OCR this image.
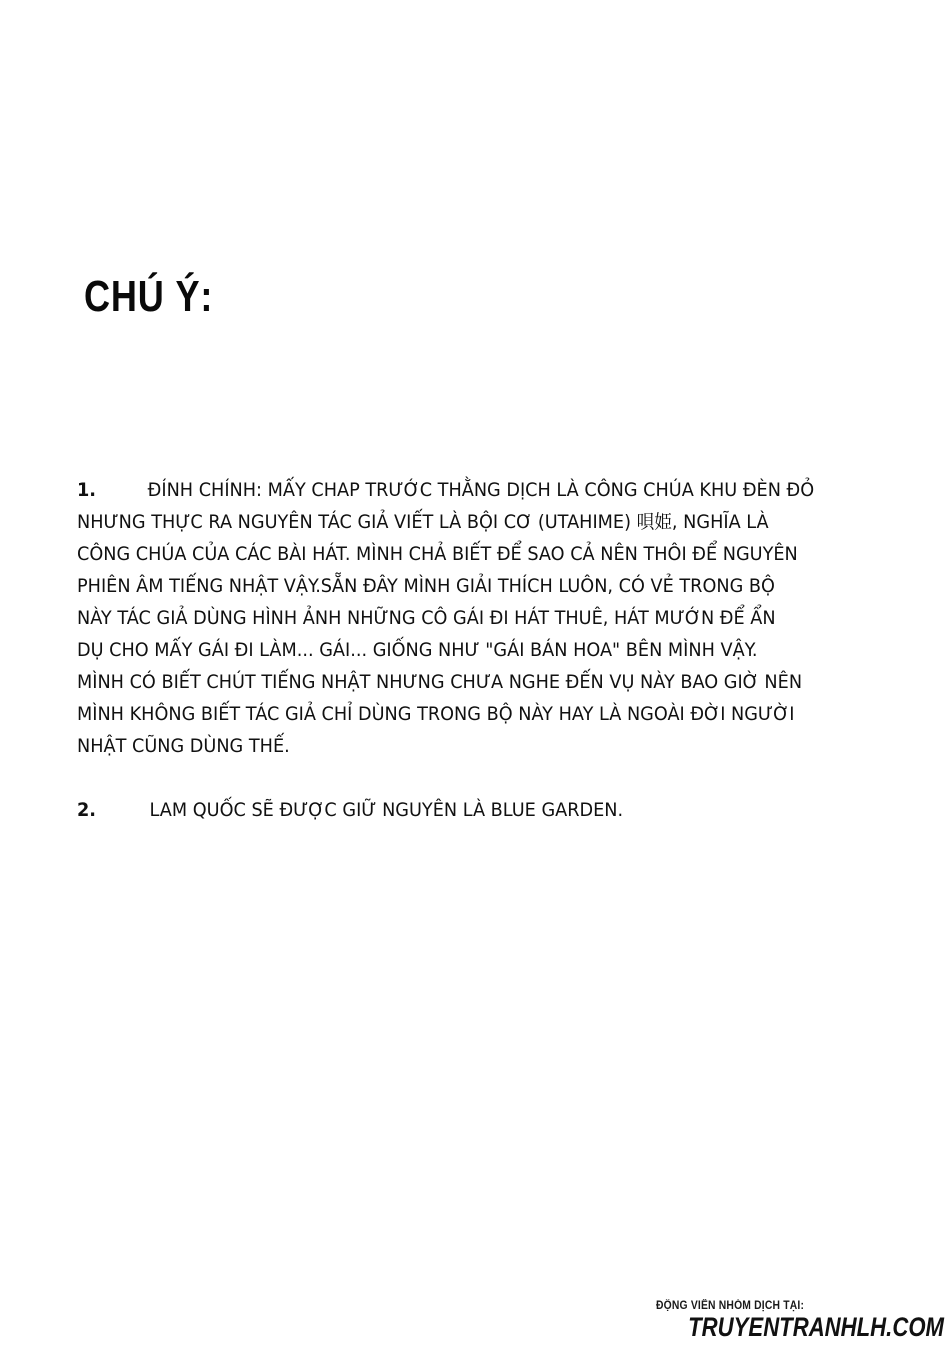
CHÚ Ý:
1.	ĐÍNH CHÍNH: MẤY CHAP TRƯỚC THẰNG DỊCH LÀ CÔNG CHÚA KHU ĐÈN ĐỎ
NHƯNG THỰC RA NGUYÊN TÁC GIẢ VIẾT LÀ BỘI CƠ (UTAHIME) 唄姫, NGHĨA LÀ
CÔNG CHÚA CỦA CÁC BÀI HÁT. MÌNH CHẢ BIẾT ĐỂ SAO CẢ NÊN THÔI ĐỂ NGUYÊN
PHIÊN ÂM TIẾNG NHẬT VẬY.SẴN ĐÂY MÌNH GIẢI THÍCH LUÔN, CÓ VẺ TRONG BỘ
NÀY TÁC GIẢ DÙNG HÌNH ẢNH NHỮNG CÔ GÁI ĐI HÁT THUÊ, HÁT MƯỚN ĐỂ ẨN
DỤ CHO MẤY GÁI ĐI LÀM... GÁI... GIỐNG NHƯ "GÁI BÁN HOA" BÊN MÌNH VẬY.
MÌNH CÓ BIẾT CHÚT TIẾNG NHẬT NHƯNG CHƯA NGHE ĐẾN VỤ NÀY BAO GIỜ NÊN
MÌNH KHÔNG BIẾT TÁC GIẢ CHỈ DÙNG TRONG BỘ NÀY HAY LÀ NGOÀI ĐỜI NGƯỜI
NHẬT CŨNG DÙNG THẾ.
2.	LAM QUỐC SẼ ĐƯỢC GIỮ NGUYÊN LÀ BLUE GARDEN.
ĐỘNG VIÊN NHÓM DỊCH TẠI:
TRUYENTRANHLH.COM
